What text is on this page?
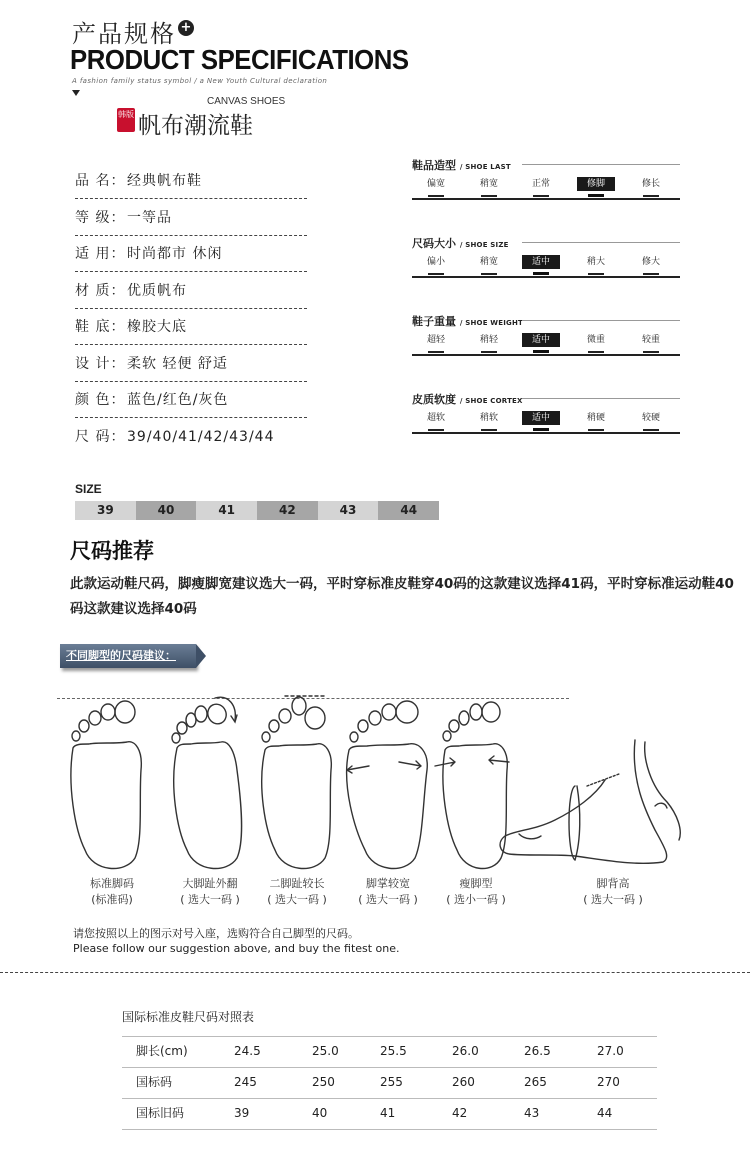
产品规格 +
PRODUCT SPECIFICATIONS
A fashion family status symbol / a New Youth Cultural declaration
CANVAS SHOES
韩版 帆布潮流鞋
品 名： 经典帆布鞋
等 级： 一等品
适 用： 时尚都市 休闲
材 质： 优质帆布
鞋 底： 橡胶大底
设 计： 柔软 轻便 舒适
颜 色： 蓝色/红色/灰色
尺 码： 39/40/41/42/43/44
鞋品造型 / SHOE LAST
偏宽	稍宽	正常	修脚	修长
尺码大小 / SHOE SIZE
偏小	稍宽	适中	稍大	修大
鞋子重量 / SHOE WEIGHT
超轻	稍轻	适中	微重	较重
皮质软度 / SHOE CORTEX
超软	稍软	适中	稍硬	较硬
SIZE
39	40	41	42	43	44
尺码推荐
此款运动鞋尺码，脚瘦脚宽建议选大一码，平时穿标准皮鞋穿40码的这款建议选择41码，平时穿标准运动鞋40码这款建议选择40码
不同脚型的尺码建议：
标准脚码
(标准码)
大脚趾外翻
( 选大一码 )
二脚趾较长
( 选大一码 )
脚掌较宽
( 选大一码 )
瘦脚型
( 选小一码 )
脚背高
( 选大一码 )
请您按照以上的图示对号入座，选购符合自己脚型的尺码。
Please follow our suggestion above, and buy the fitest one.
国际标准皮鞋尺码对照表
脚长(cm)	24.5	25.0	25.5	26.0	26.5	27.0
国标码	245	250	255	260	265	270
国标旧码	39	40	41	42	43	44
